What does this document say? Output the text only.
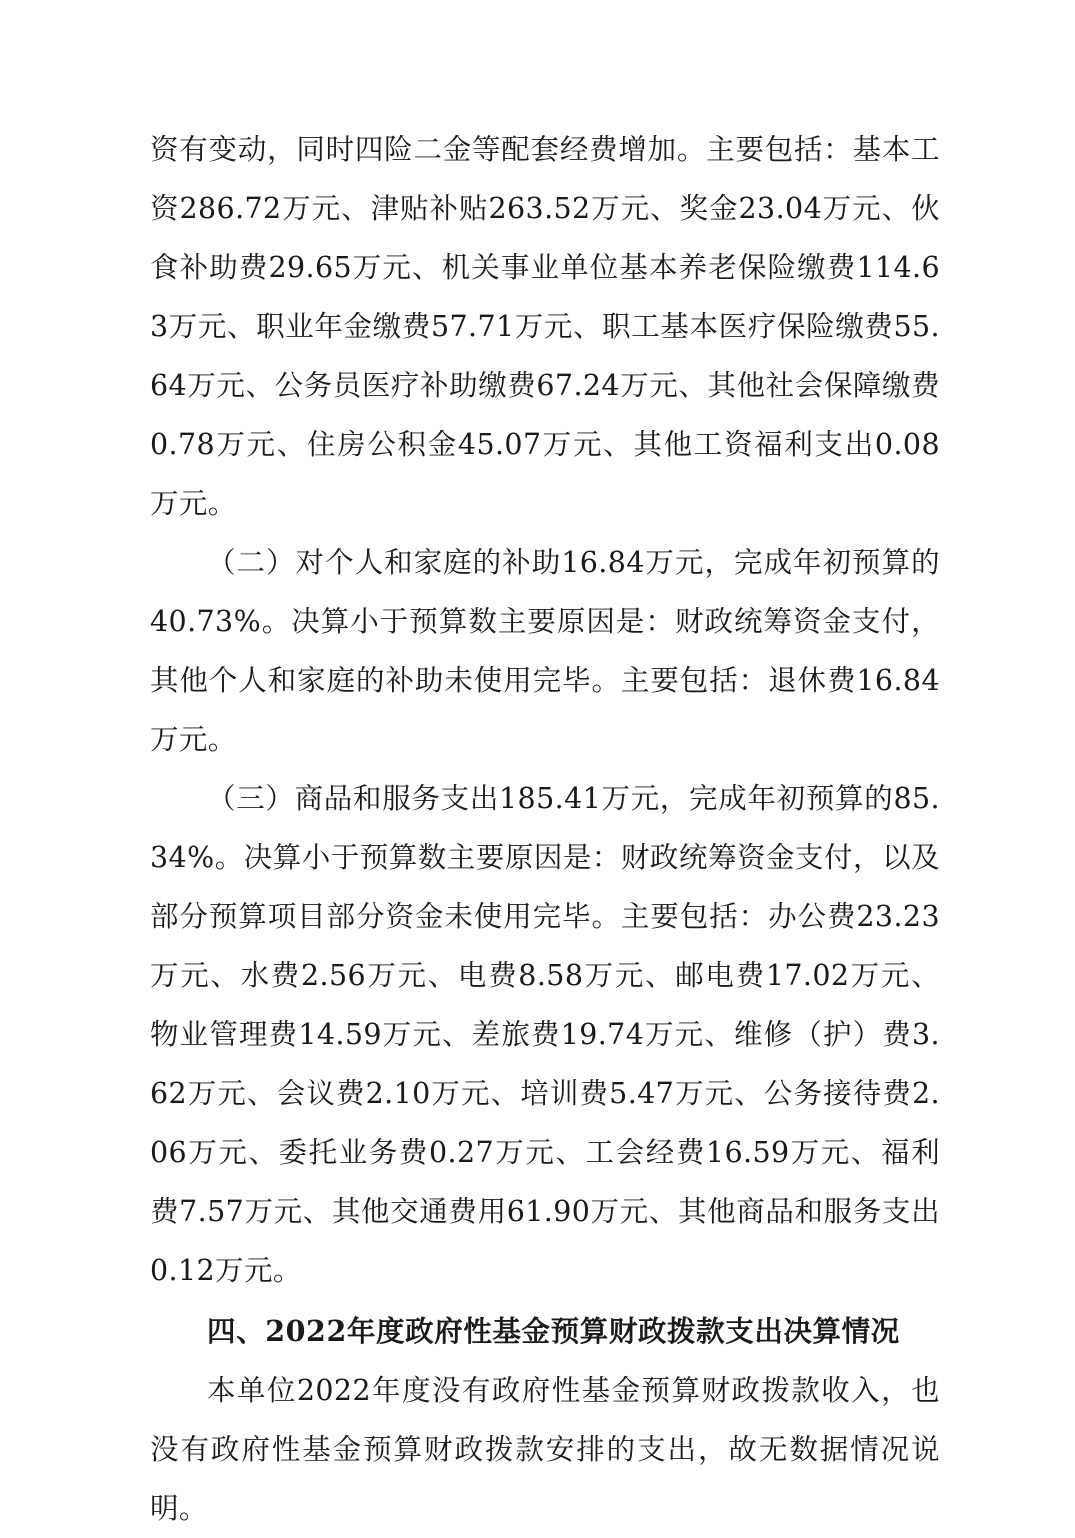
资有变动，同时四险二金等配套经费增加。主要包括：基本工资286.72万元、津贴补贴263.52万元、奖金23.04万元、伙食补助费29.65万元、机关事业单位基本养老保险缴费114.63万元、职业年金缴费57.71万元、职工基本医疗保险缴费55.64万元、公务员医疗补助缴费67.24万元、其他社会保障缴费0.78万元、住房公积金45.07万元、其他工资福利支出0.08万元。

（二）对个人和家庭的补助16.84万元，完成年初预算的40.73%。决算小于预算数主要原因是：财政统筹资金支付，其他个人和家庭的补助未使用完毕。主要包括：退休费16.84万元。

（三）商品和服务支出185.41万元，完成年初预算的85.34%。决算小于预算数主要原因是：财政统筹资金支付，以及部分预算项目部分资金未使用完毕。主要包括：办公费23.23万元、水费2.56万元、电费8.58万元、邮电费17.02万元、物业管理费14.59万元、差旅费19.74万元、维修（护）费3.62万元、会议费2.10万元、培训费5.47万元、公务接待费2.06万元、委托业务费0.27万元、工会经费16.59万元、福利费7.57万元、其他交通费用61.90万元、其他商品和服务支出0.12万元。

四、2022年度政府性基金预算财政拨款支出决算情况

本单位2022年度没有政府性基金预算财政拨款收入，也没有政府性基金预算财政拨款安排的支出，故无数据情况说明。
